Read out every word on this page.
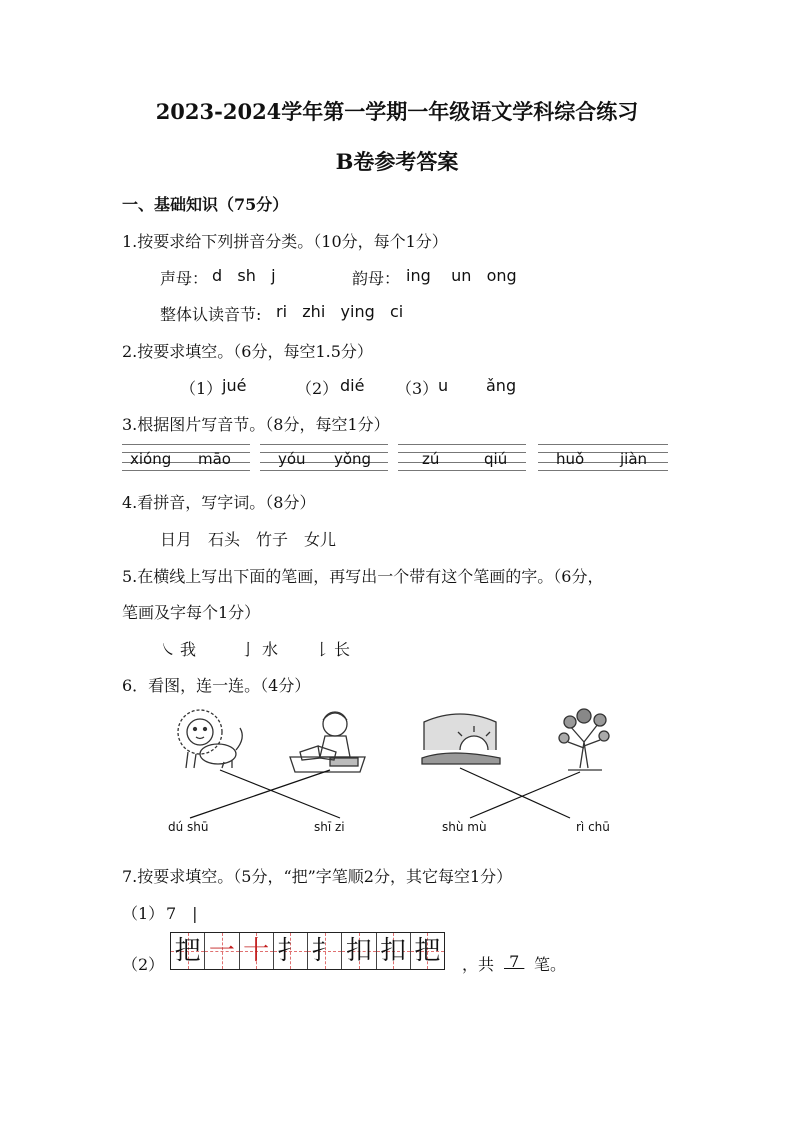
2023-2024学年第一学期一年级语文学科综合练习
B卷参考答案
一、基础知识（75分）
1.按要求给下列拼音分类。（10分，每个1分）
声母： d   sh   j	韵母： ing    un   ong
整体认读音节: ri   zhi   ying   ci
2.按要求填空。（6分，每空1.5分）
（1） jué	（2） dié （3） u ǎng
3.根据图片写音节。（8分，每空1分）
xióng māo	yóu yǒng	zú	qiú	huǒ jiàn
4.看拼音，写字词。（8分）
日月　石头　竹子　女儿
5.在横线上写出下面的笔画，再写出一个带有这个笔画的字。（6分，
笔画及字每个1分）
㇏ 我	亅 水 𠄌 长
6．看图，连一连。（4分）
dú shū	shī zi	shù mù	rì chū
7.按要求填空。（5分，“把”字笔顺2分，其它每空1分）
（1） 7　|
（2） 把 一 十 扌 扌 扣 扣 把 ，共 7 笔。
